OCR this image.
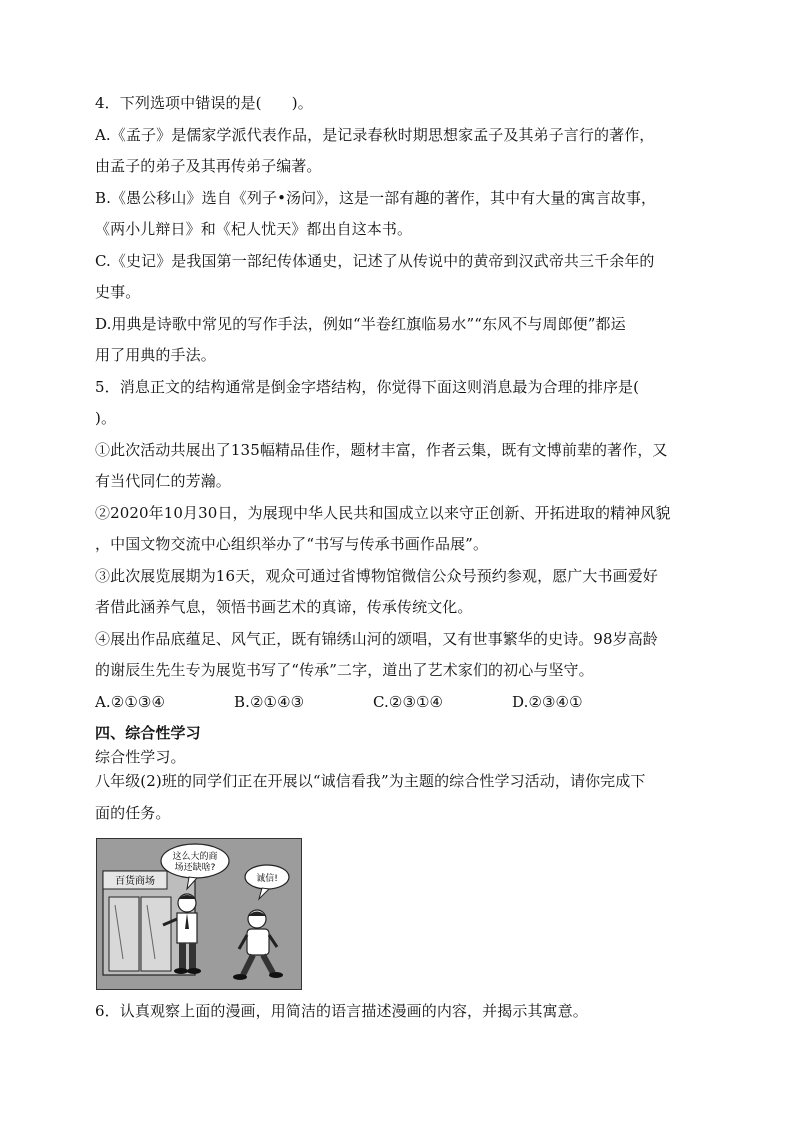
4．下列选项中错误的是(　　)。
A.《孟子》是儒家学派代表作品，是记录春秋时期思想家孟子及其弟子言行的著作，
由孟子的弟子及其再传弟子编著。
B.《愚公移山》选自《列子•汤问》，这是一部有趣的著作，其中有大量的寓言故事，
《两小儿辩日》和《杞人忧天》都出自这本书。
C.《史记》是我国第一部纪传体通史，记述了从传说中的黄帝到汉武帝共三千余年的
史事。
D.用典是诗歌中常见的写作手法，例如“半卷红旗临易水”“东风不与周郎便”都运
用了用典的手法。
5．消息正文的结构通常是倒金字塔结构，你觉得下面这则消息最为合理的排序是(
)。
①此次活动共展出了135幅精品佳作，题材丰富，作者云集，既有文博前辈的著作，又
有当代同仁的芳瀚。
②2020年10月30日，为展现中华人民共和国成立以来守正创新、开拓进取的精神风貌
，中国文物交流中心组织举办了“书写与传承书画作品展”。
③此次展览展期为16天，观众可通过省博物馆微信公众号预约参观，愿广大书画爱好
者借此涵养气息，领悟书画艺术的真谛，传承传统文化。
④展出作品底蕴足、风气正，既有锦绣山河的颂唱，又有世事繁华的史诗。98岁高龄
的谢辰生先生专为展览书写了“传承”二字，道出了艺术家们的初心与坚守。
A.②①③④	B.②①④③	C.②③①④	D.②③④①
四、综合性学习
综合性学习。
八年级(2)班的同学们正在开展以“诚信看我”为主题的综合性学习活动，请你完成下
面的任务。
百货商场
这么大的商
场还缺啥?
诚信!
6．认真观察上面的漫画，用简洁的语言描述漫画的内容，并揭示其寓意。
